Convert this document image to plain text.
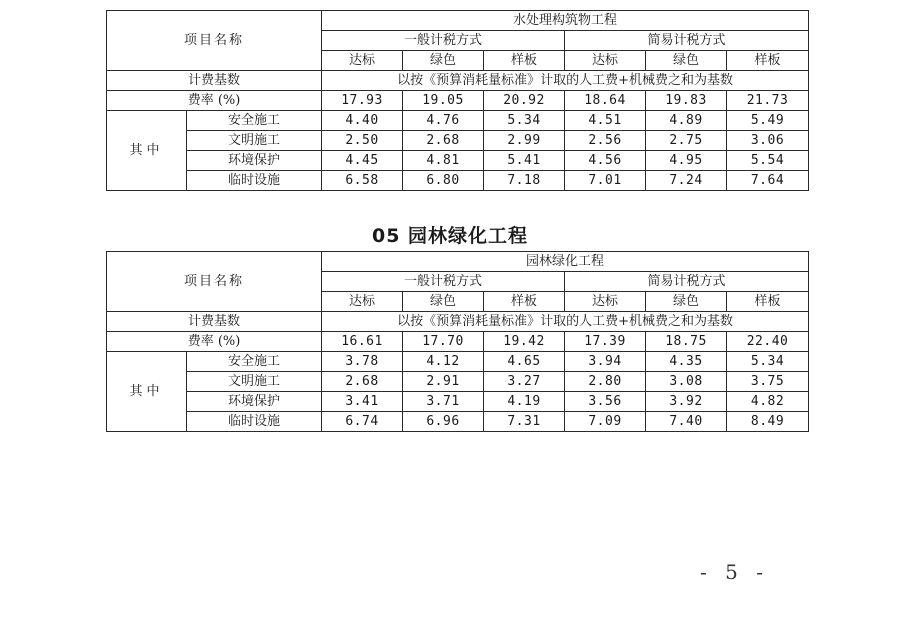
项目名称		水处理构筑物工程					
		一般计税方式			简易计税方式		
		达标	绿色	样板	达标	绿色	样板
计费基数		以按《预算消耗量标准》计取的人工费+机械费之和为基数					
费率 (%)		17.93	19.05	20.92	18.64	19.83	21.73
其中	安全施工	4.40	4.76	5.34	4.51	4.89	5.49
	文明施工	2.50	2.68	2.99	2.56	2.75	3.06
	环境保护	4.45	4.81	5.41	4.56	4.95	5.54
	临时设施	6.58	6.80	7.18	7.01	7.24	7.64
05 园林绿化工程
项目名称		园林绿化工程					
		一般计税方式			简易计税方式		
		达标	绿色	样板	达标	绿色	样板
计费基数		以按《预算消耗量标准》计取的人工费+机械费之和为基数					
费率 (%)		16.61	17.70	19.42	17.39	18.75	22.40
其中	安全施工	3.78	4.12	4.65	3.94	4.35	5.34
	文明施工	2.68	2.91	3.27	2.80	3.08	3.75
	环境保护	3.41	3.71	4.19	3.56	3.92	4.82
	临时设施	6.74	6.96	7.31	7.09	7.40	8.49
- 5 -
